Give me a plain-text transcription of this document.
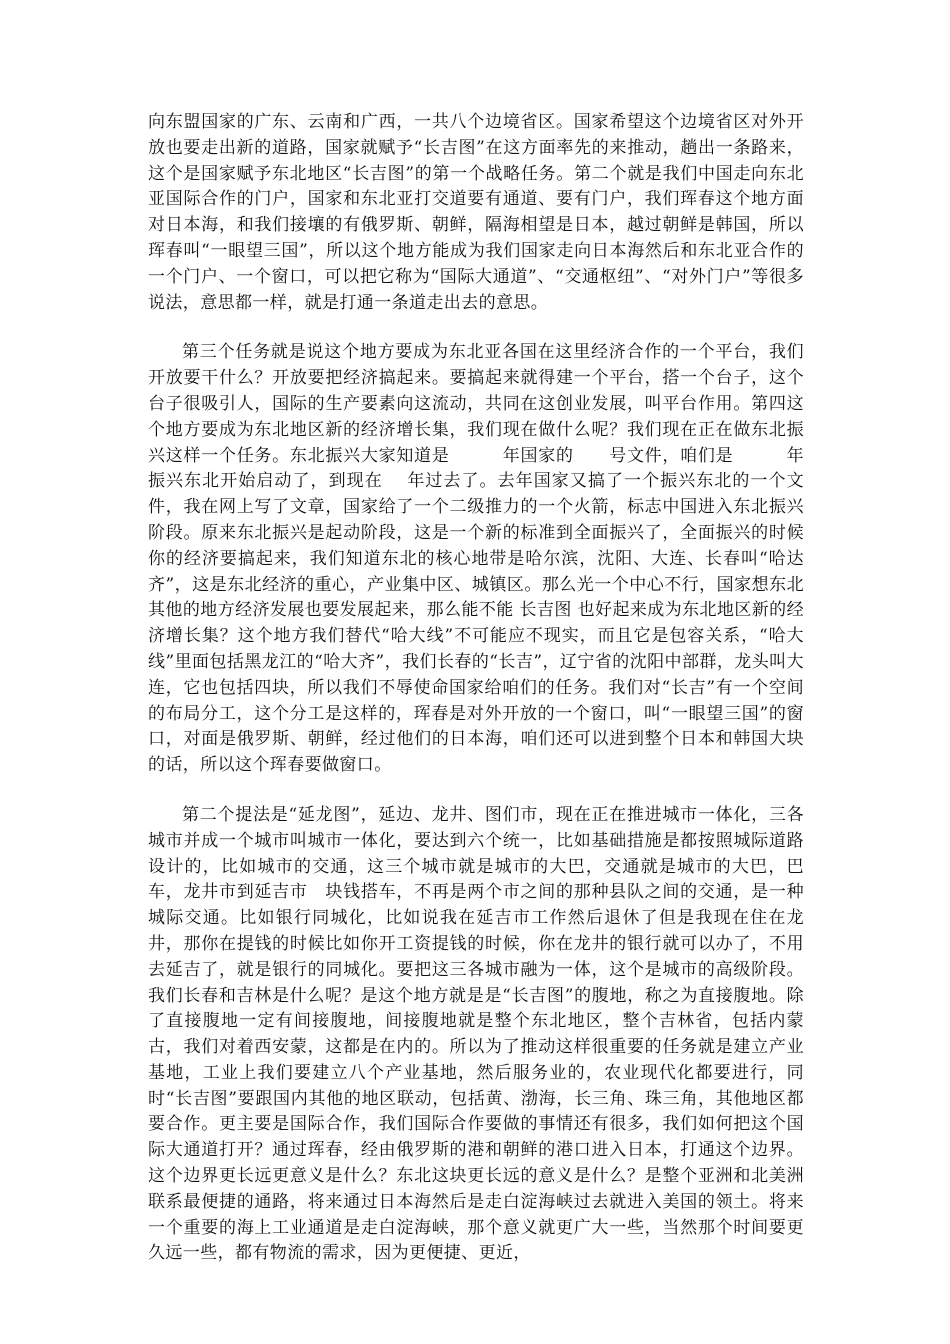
向东盟国家的广东、云南和广西，一共八个边境省区。国家希望这个边境省区对外开放也要走出新的道路，国家就赋予“长吉图”在这方面率先的来推动，趟出一条路来，这个是国家赋予东北地区“长吉图”的第一个战略任务。第二个就是我们中国走向东北亚国际合作的门户，国家和东北亚打交道要有通道、要有门户，我们珲春这个地方面对日本海，和我们接壤的有俄罗斯、朝鲜，隔海相望是日本，越过朝鲜是韩国，所以珲春叫“一眼望三国”，所以这个地方能成为我们国家走向日本海然后和东北亚合作的一个门户、一个窗口，可以把它称为“国际大通道”、“交通枢纽”、“对外门户”等很多说法，意思都一样，就是打通一条道走出去的意思。

第三个任务就是说这个地方要成为东北亚各国在这里经济合作的一个平台，我们开放要干什么？开放要把经济搞起来。要搞起来就得建一个平台，搭一个台子，这个台子很吸引人，国际的生产要素向这流动，共同在这创业发展，叫平台作用。第四这个地方要成为东北地区新的经济增长集，我们现在做什么呢？我们现在正在做东北振兴这样一个任务。东北振兴大家知道是　　　年国家的　　号文件，咱们是　　　年振兴东北开始启动了，到现在　 年过去了。去年国家又搞了一个振兴东北的一个文件，我在网上写了文章，国家给了一个二级推力的一个火箭，标志中国进入东北振兴阶段。原来东北振兴是起动阶段，这是一个新的标准到全面振兴了，全面振兴的时候你的经济要搞起来，我们知道东北的核心地带是哈尔滨，沈阳、大连、长春叫“哈达齐”，这是东北经济的重心，产业集中区、城镇区。那么光一个中心不行，国家想东北其他的地方经济发展也要发展起来，那么能不能 长吉图 也好起来成为东北地区新的经济增长集？这个地方我们替代“哈大线”不可能应不现实，而且它是包容关系，“哈大线”里面包括黑龙江的“哈大齐”，我们长春的“长吉”，辽宁省的沈阳中部群，龙头叫大连，它也包括四块，所以我们不辱使命国家给咱们的任务。我们对“长吉”有一个空间的布局分工，这个分工是这样的，珲春是对外开放的一个窗口，叫“一眼望三国”的窗口，对面是俄罗斯、朝鲜，经过他们的日本海，咱们还可以进到整个日本和韩国大块的话，所以这个珲春要做窗口。

第二个提法是“延龙图”，延边、龙井、图们市，现在正在推进城市一体化，三各城市并成一个城市叫城市一体化，要达到六个统一，比如基础措施是都按照城际道路设计的，比如城市的交通，这三个城市就是城市的大巴，交通就是城市的大巴，巴车，龙井市到延吉市　块钱搭车，不再是两个市之间的那种县队之间的交通，是一种城际交通。比如银行同城化，比如说我在延吉市工作然后退休了但是我现在住在龙井，那你在提钱的时候比如你开工资提钱的时候，你在龙井的银行就可以办了，不用去延吉了，就是银行的同城化。要把这三各城市融为一体，这个是城市的高级阶段。我们长春和吉林是什么呢？是这个地方就是是“长吉图”的腹地，称之为直接腹地。除了直接腹地一定有间接腹地，间接腹地就是整个东北地区，整个吉林省，包括内蒙古，我们对着西安蒙，这都是在内的。所以为了推动这样很重要的任务就是建立产业基地，工业上我们要建立八个产业基地，然后服务业的，农业现代化都要进行，同时“长吉图”要跟国内其他的地区联动，包括黄、渤海，长三角、珠三角，其他地区都要合作。更主要是国际合作，我们国际合作要做的事情还有很多，我们如何把这个国际大通道打开？通过珲春，经由俄罗斯的港和朝鲜的港口进入日本，打通这个边界。这个边界更长远更意义是什么？东北这块更长远的意义是什么？是整个亚洲和北美洲联系最便捷的通路，将来通过日本海然后是走白淀海峡过去就进入美国的领土。将来一个重要的海上工业通道是走白淀海峡，那个意义就更广大一些，当然那个时间要更久远一些，都有物流的需求，因为更便捷、更近，
